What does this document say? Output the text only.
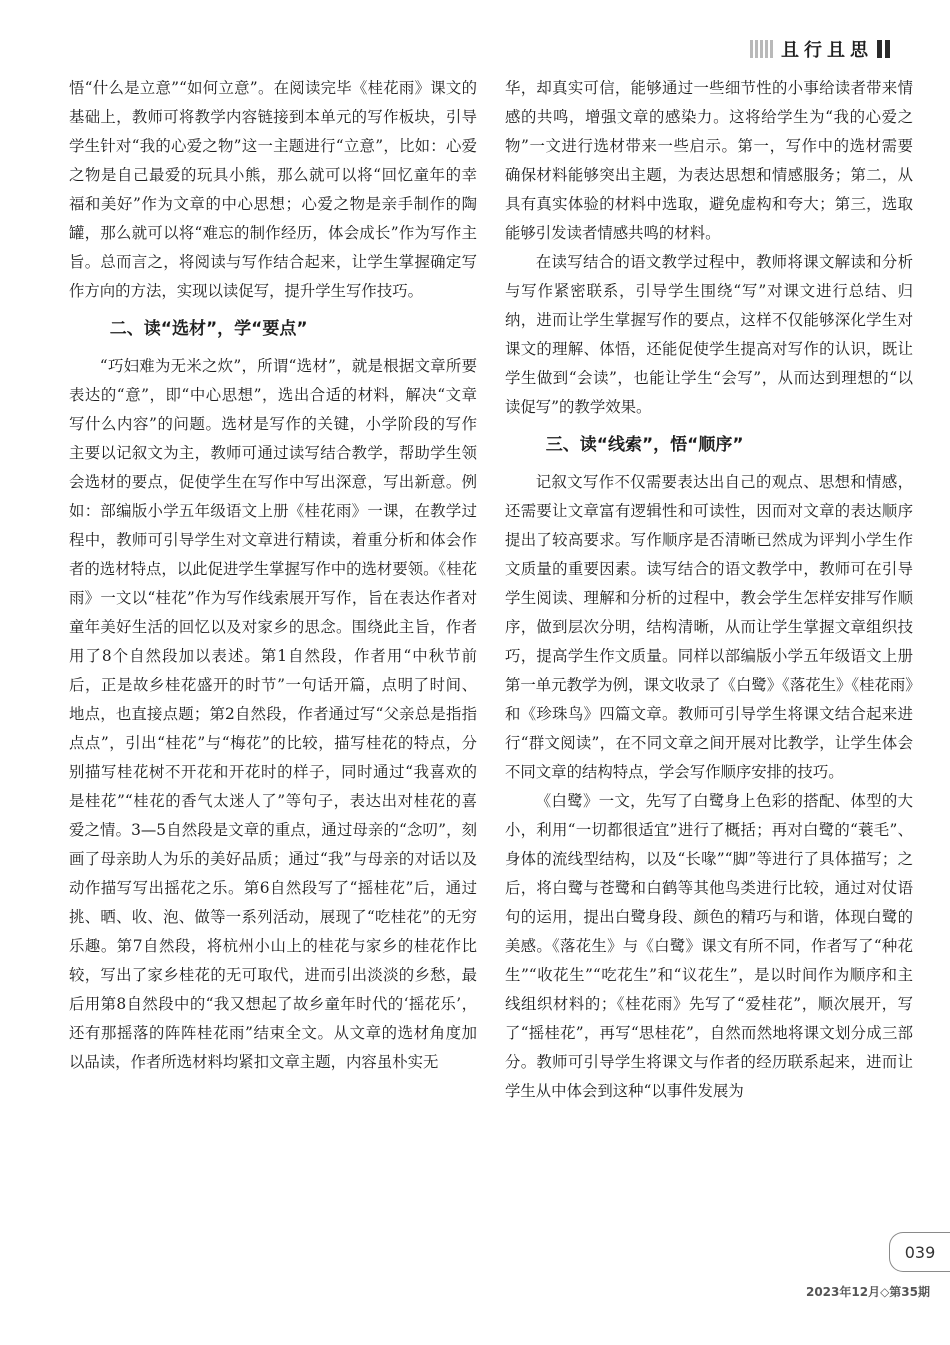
且行且思

悟“什么是立意”“如何立意”。在阅读完毕《桂花雨》课文的基础上，教师可将教学内容链接到本单元的写作板块，引导学生针对“我的心爱之物”这一主题进行“立意”，比如：心爱之物是自己最爱的玩具小熊，那么就可以将“回忆童年的幸福和美好”作为文章的中心思想；心爱之物是亲手制作的陶罐，那么就可以将“难忘的制作经历，体会成长”作为写作主旨。总而言之，将阅读与写作结合起来，让学生掌握确定写作方向的方法，实现以读促写，提升学生写作技巧。

二、读“选材”，学“要点”

“巧妇难为无米之炊”，所谓“选材”，就是根据文章所要表达的“意”，即“中心思想”，选出合适的材料，解决“文章写什么内容”的问题。选材是写作的关键，小学阶段的写作主要以记叙文为主，教师可通过读写结合教学，帮助学生领会选材的要点，促使学生在写作中写出深意，写出新意。例如：部编版小学五年级语文上册《桂花雨》一课，在教学过程中，教师可引导学生对文章进行精读，着重分析和体会作者的选材特点，以此促进学生掌握写作中的选材要领。《桂花雨》一文以“桂花”作为写作线索展开写作，旨在表达作者对童年美好生活的回忆以及对家乡的思念。围绕此主旨，作者用了8个自然段加以表述。第1自然段，作者用“中秋节前后，正是故乡桂花盛开的时节”一句话开篇，点明了时间、地点，也直接点题；第2自然段，作者通过写“父亲总是指指点点”，引出“桂花”与“梅花”的比较，描写桂花的特点，分别描写桂花树不开花和开花时的样子，同时通过“我喜欢的是桂花”“桂花的香气太迷人了”等句子，表达出对桂花的喜爱之情。3—5自然段是文章的重点，通过母亲的“念叨”，刻画了母亲助人为乐的美好品质；通过“我”与母亲的对话以及动作描写写出摇花之乐。第6自然段写了“摇桂花”后，通过挑、晒、收、泡、做等一系列活动，展现了“吃桂花”的无穷乐趣。第7自然段，将杭州小山上的桂花与家乡的桂花作比较，写出了家乡桂花的无可取代，进而引出淡淡的乡愁，最后用第8自然段中的“我又想起了故乡童年时代的‘摇花乐’，还有那摇落的阵阵桂花雨”结束全文。从文章的选材角度加以品读，作者所选材料均紧扣文章主题，内容虽朴实无

华，却真实可信，能够通过一些细节性的小事给读者带来情感的共鸣，增强文章的感染力。这将给学生为“我的心爱之物”一文进行选材带来一些启示。第一，写作中的选材需要确保材料能够突出主题，为表达思想和情感服务；第二，从具有真实体验的材料中选取，避免虚构和夸大；第三，选取能够引发读者情感共鸣的材料。

在读写结合的语文教学过程中，教师将课文解读和分析与写作紧密联系，引导学生围绕“写”对课文进行总结、归纳，进而让学生掌握写作的要点，这样不仅能够深化学生对课文的理解、体悟，还能促使学生提高对写作的认识，既让学生做到“会读”，也能让学生“会写”，从而达到理想的“以读促写”的教学效果。

三、读“线索”，悟“顺序”

记叙文写作不仅需要表达出自己的观点、思想和情感，还需要让文章富有逻辑性和可读性，因而对文章的表达顺序提出了较高要求。写作顺序是否清晰已然成为评判小学生作文质量的重要因素。读写结合的语文教学中，教师可在引导学生阅读、理解和分析的过程中，教会学生怎样安排写作顺序，做到层次分明，结构清晰，从而让学生掌握文章组织技巧，提高学生作文质量。同样以部编版小学五年级语文上册第一单元教学为例，课文收录了《白鹭》《落花生》《桂花雨》和《珍珠鸟》四篇文章。教师可引导学生将课文结合起来进行“群文阅读”，在不同文章之间开展对比教学，让学生体会不同文章的结构特点，学会写作顺序安排的技巧。

《白鹭》一文，先写了白鹭身上色彩的搭配、体型的大小，利用“一切都很适宜”进行了概括；再对白鹭的“蓑毛”、身体的流线型结构，以及“长喙”“脚”等进行了具体描写；之后，将白鹭与苍鹭和白鹤等其他鸟类进行比较，通过对仗语句的运用，提出白鹭身段、颜色的精巧与和谐，体现白鹭的美感。《落花生》与《白鹭》课文有所不同，作者写了“种花生”“收花生”“吃花生”和“议花生”，是以时间作为顺序和主线组织材料的；《桂花雨》先写了“爱桂花”，顺次展开，写了“摇桂花”，再写“思桂花”，自然而然地将课文划分成三部分。教师可引导学生将课文与作者的经历联系起来，进而让学生从中体会到这种“以事件发展为

039
2023年12月◇第35期
